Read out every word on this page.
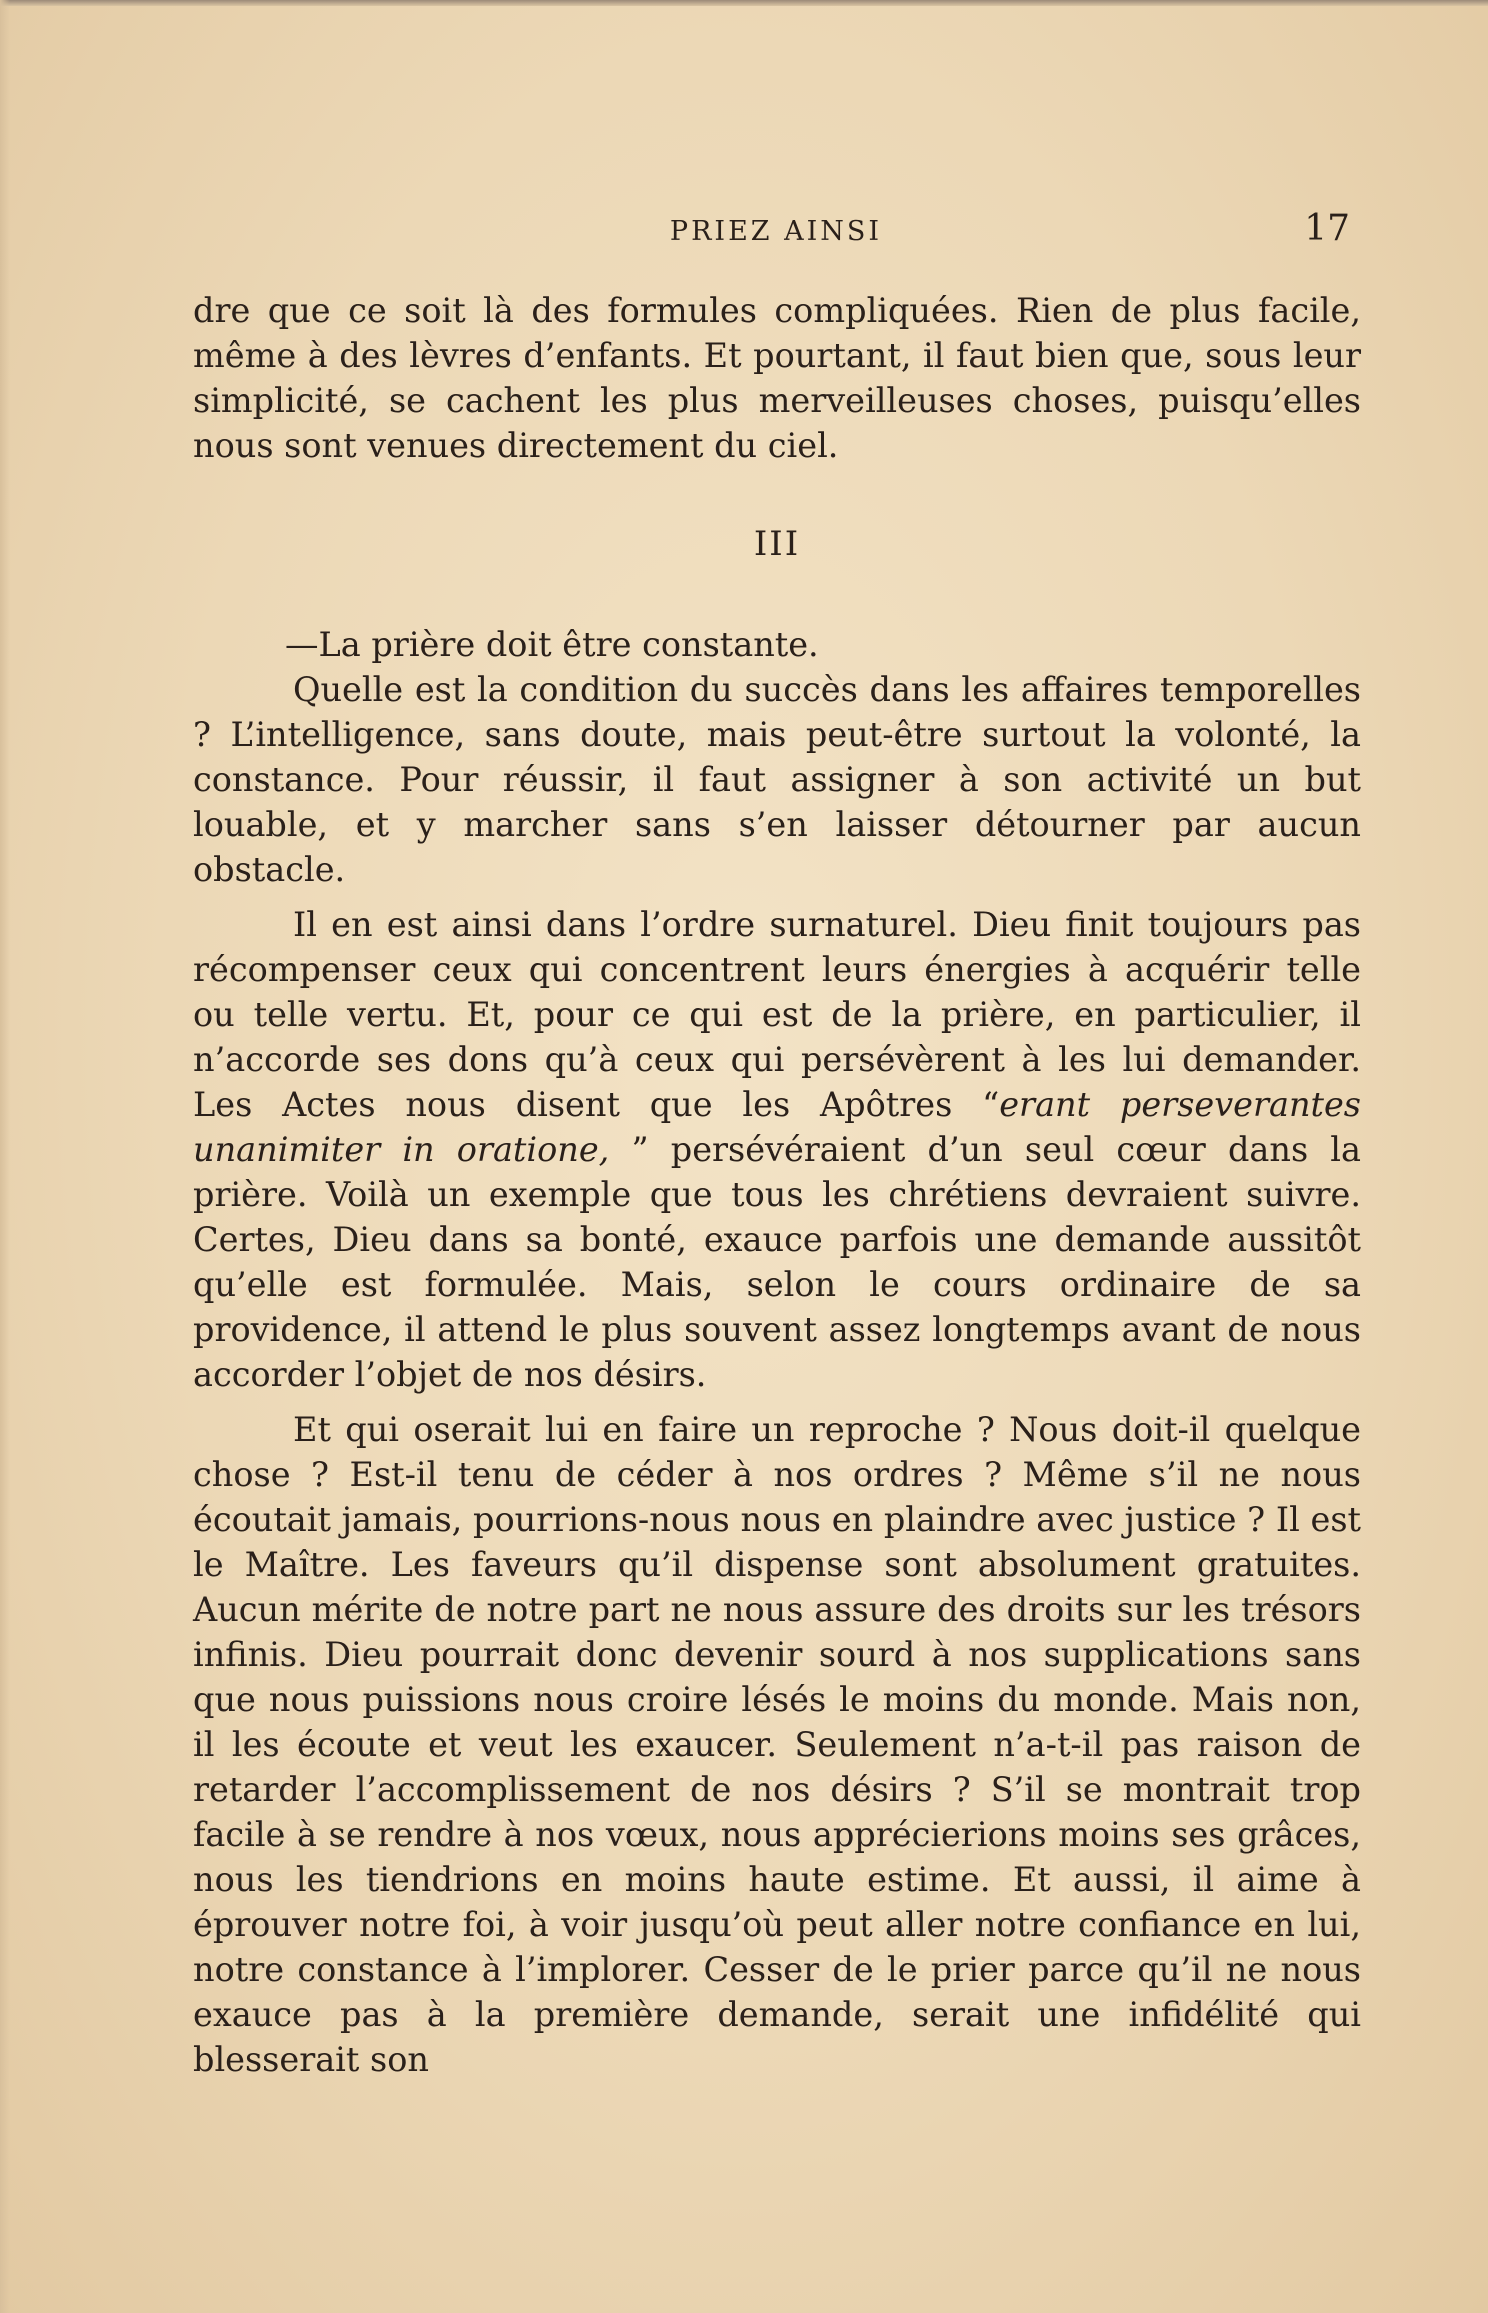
PRIEZ AINSI	17

dre que ce soit là des formules compliquées. Rien de plus facile, même à des lèvres d’enfants. Et pourtant, il faut bien que, sous leur simplicité, se cachent les plus merveilleuses choses, puisqu’elles nous sont venues directement du ciel.

III

—La prière doit être constante.

Quelle est la condition du succès dans les affaires temporelles ? L’intelligence, sans doute, mais peut-être surtout la volonté, la constance. Pour réussir, il faut assigner à son activité un but louable, et y marcher sans s’en laisser détourner par aucun obstacle.

Il en est ainsi dans l’ordre surnaturel. Dieu finit toujours pas récompenser ceux qui concentrent leurs énergies à acquérir telle ou telle vertu. Et, pour ce qui est de la prière, en particulier, il n’accorde ses dons qu’à ceux qui persévèrent à les lui demander. Les Actes nous disent que les Apôtres “erant perseverantes unanimiter in oratione, ” persévéraient d’un seul cœur dans la prière. Voilà un exemple que tous les chrétiens devraient suivre. Certes, Dieu dans sa bonté, exauce parfois une demande aussitôt qu’elle est formulée. Mais, selon le cours ordinaire de sa providence, il attend le plus souvent assez longtemps avant de nous accorder l’objet de nos désirs.

Et qui oserait lui en faire un reproche ? Nous doit-il quelque chose ? Est-il tenu de céder à nos ordres ? Même s’il ne nous écoutait jamais, pourrions-nous nous en plaindre avec justice ? Il est le Maître. Les faveurs qu’il dispense sont absolument gratuites. Aucun mérite de notre part ne nous assure des droits sur les trésors infinis. Dieu pourrait donc devenir sourd à nos supplications sans que nous puissions nous croire lésés le moins du monde. Mais non, il les écoute et veut les exaucer. Seulement n’a-t-il pas raison de retarder l’accomplissement de nos désirs ? S’il se montrait trop facile à se rendre à nos vœux, nous apprécierions moins ses grâces, nous les tiendrions en moins haute estime. Et aussi, il aime à éprouver notre foi, à voir jusqu’où peut aller notre confiance en lui, notre constance à l’implorer. Cesser de le prier parce qu’il ne nous exauce pas à la première demande, serait une infidélité qui blesserait son
